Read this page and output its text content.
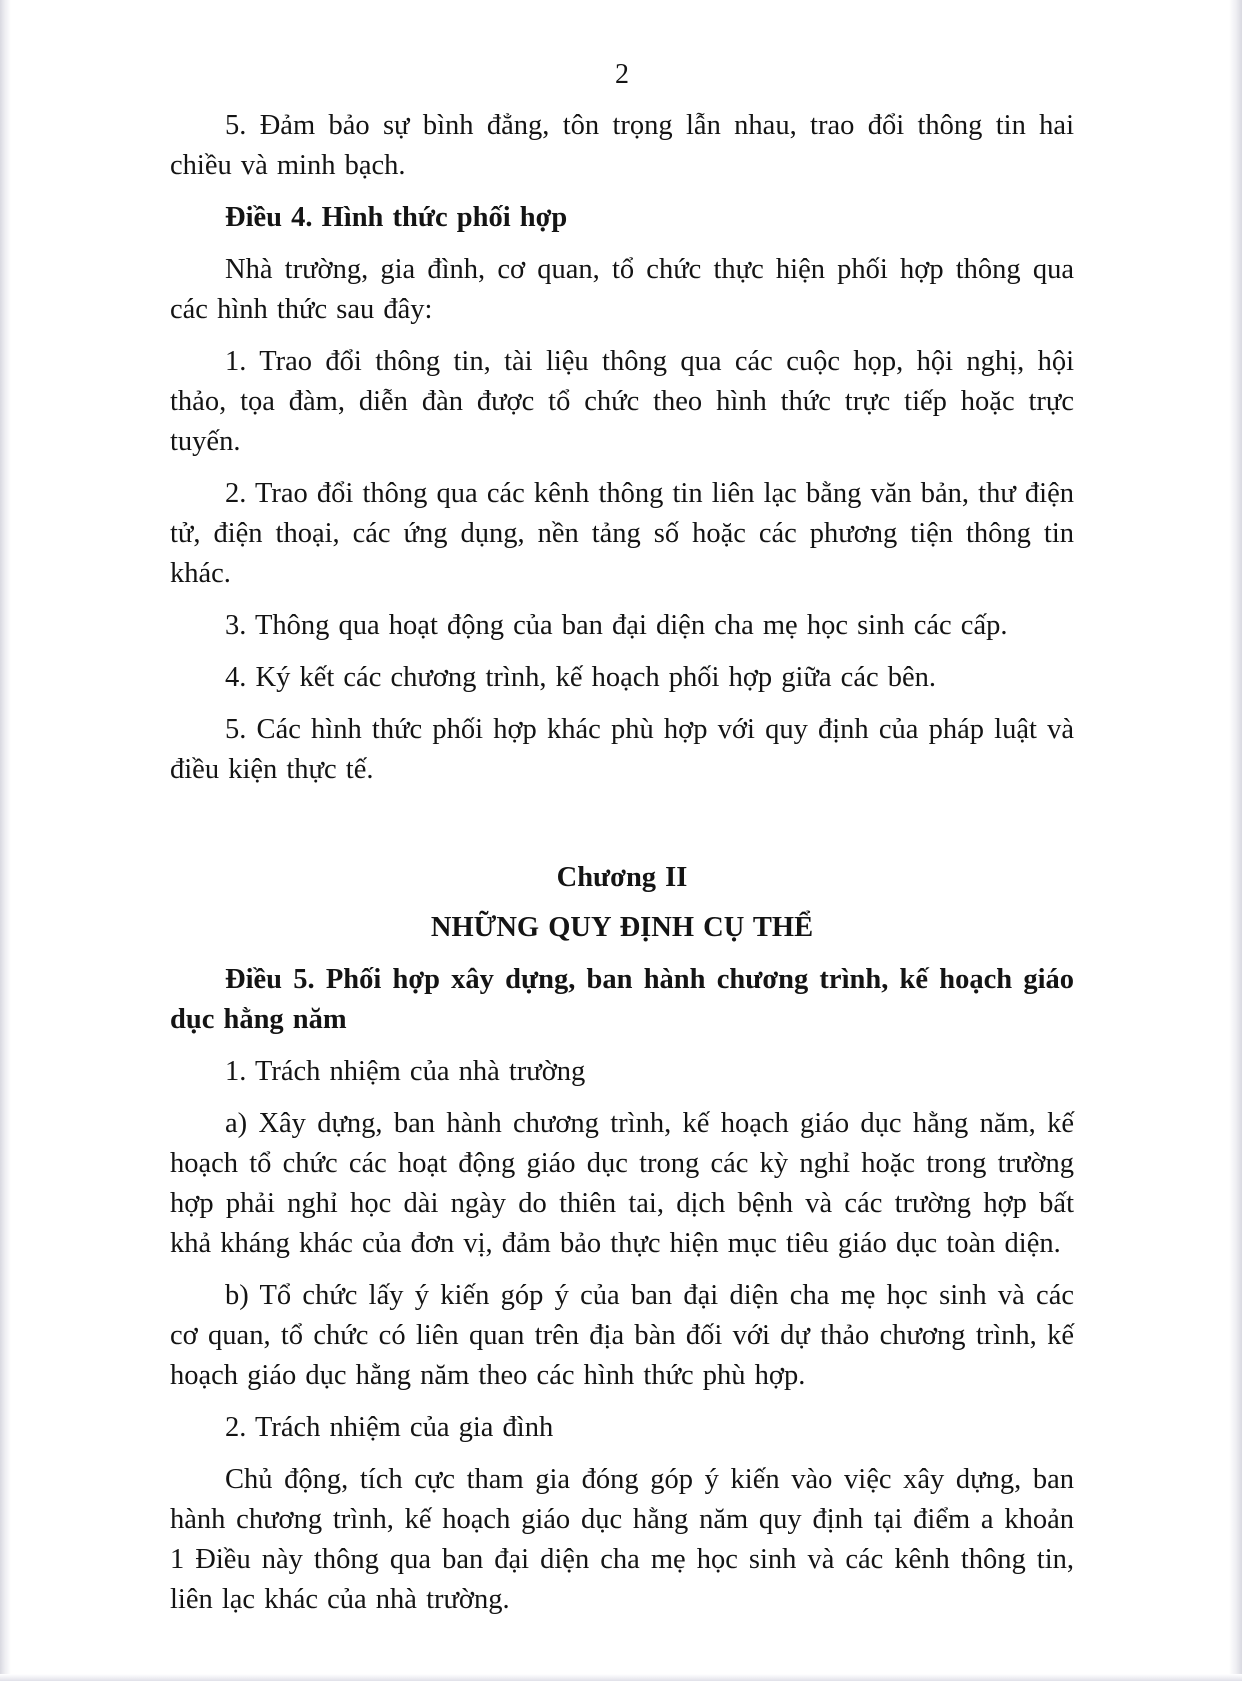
2

5. Đảm bảo sự bình đẳng, tôn trọng lẫn nhau, trao đổi thông tin hai chiều và minh bạch.

Điều 4. Hình thức phối hợp

Nhà trường, gia đình, cơ quan, tổ chức thực hiện phối hợp thông qua các hình thức sau đây:

1. Trao đổi thông tin, tài liệu thông qua các cuộc họp, hội nghị, hội thảo, tọa đàm, diễn đàn được tổ chức theo hình thức trực tiếp hoặc trực tuyến.

2. Trao đổi thông qua các kênh thông tin liên lạc bằng văn bản, thư điện tử, điện thoại, các ứng dụng, nền tảng số hoặc các phương tiện thông tin khác.

3. Thông qua hoạt động của ban đại diện cha mẹ học sinh các cấp.

4. Ký kết các chương trình, kế hoạch phối hợp giữa các bên.

5. Các hình thức phối hợp khác phù hợp với quy định của pháp luật và điều kiện thực tế.

Chương II

NHỮNG QUY ĐỊNH CỤ THỂ

Điều 5. Phối hợp xây dựng, ban hành chương trình, kế hoạch giáo dục hằng năm

1. Trách nhiệm của nhà trường

a) Xây dựng, ban hành chương trình, kế hoạch giáo dục hằng năm, kế hoạch tổ chức các hoạt động giáo dục trong các kỳ nghỉ hoặc trong trường hợp phải nghỉ học dài ngày do thiên tai, dịch bệnh và các trường hợp bất khả kháng khác của đơn vị, đảm bảo thực hiện mục tiêu giáo dục toàn diện.

b) Tổ chức lấy ý kiến góp ý của ban đại diện cha mẹ học sinh và các cơ quan, tổ chức có liên quan trên địa bàn đối với dự thảo chương trình, kế hoạch giáo dục hằng năm theo các hình thức phù hợp.

2. Trách nhiệm của gia đình

Chủ động, tích cực tham gia đóng góp ý kiến vào việc xây dựng, ban hành chương trình, kế hoạch giáo dục hằng năm quy định tại điểm a khoản 1 Điều này thông qua ban đại diện cha mẹ học sinh và các kênh thông tin, liên lạc khác của nhà trường.
